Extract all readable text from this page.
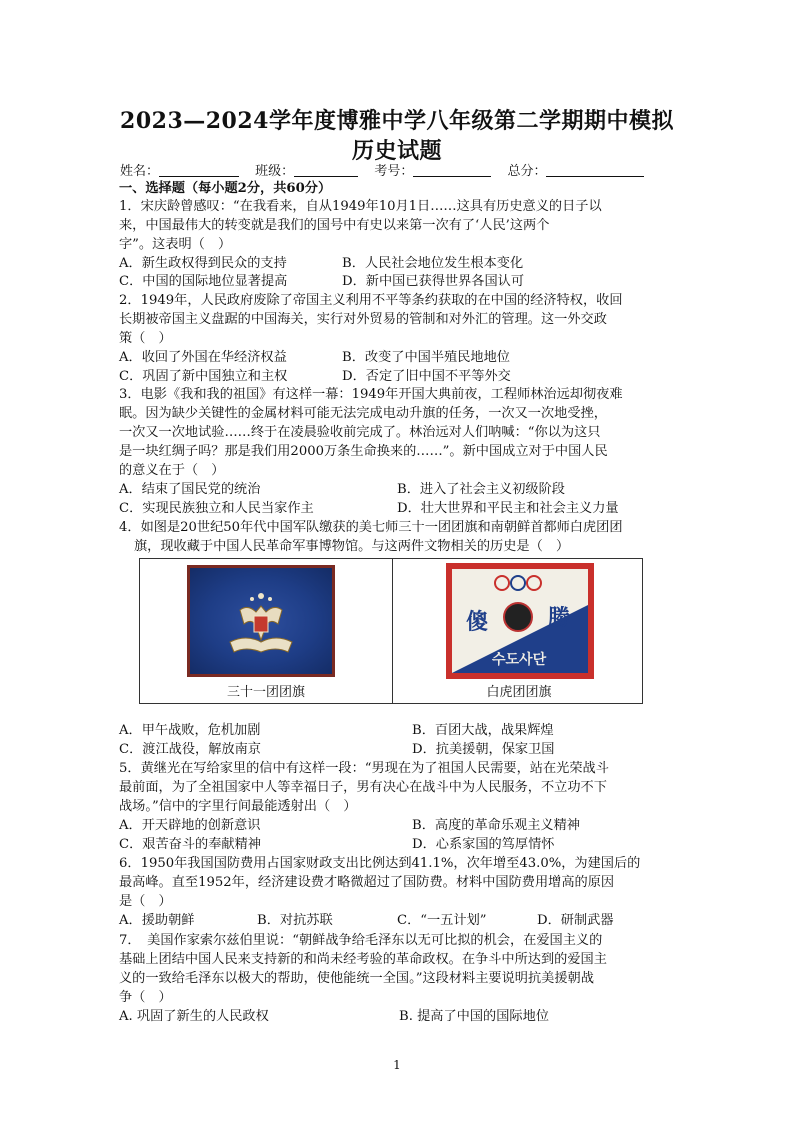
2023—2024学年度博雅中学八年级第二学期期中模拟
历史试题
姓名：	班级：	考号：	总分：
一、选择题（每小题2分，共60分）
1．宋庆龄曾感叹：“在我看来，自从1949年10月1日……这具有历史意义的日子以
来，中国最伟大的转变就是我们的国号中有史以来第一次有了‘人民’这两个
字”。这表明（　）
A．新生政权得到民众的支持	B．人民社会地位发生根本变化
C．中国的国际地位显著提高	D．新中国已获得世界各国认可
2．1949年，人民政府废除了帝国主义利用不平等条约获取的在中国的经济特权，收回
长期被帝国主义盘踞的中国海关，实行对外贸易的管制和对外汇的管理。这一外交政
策（　）
A．收回了外国在华经济权益	B．改变了中国半殖民地地位
C．巩固了新中国独立和主权	D．否定了旧中国不平等外交
3．电影《我和我的祖国》有这样一幕：1949年开国大典前夜，工程师林治远却彻夜难
眠。因为缺少关键性的金属材料可能无法完成电动升旗的任务，一次又一次地受挫，
一次又一次地试验……终于在凌晨验收前完成了。林治远对人们呐喊：“你以为这只
是一块红绸子吗？那是我们用2000万条生命换来的……”。新中国成立对于中国人民
的意义在于（　）
A．结束了国民党的统治	B．进入了社会主义初级阶段
C．实现民族独立和人民当家作主	D．壮大世界和平民主和社会主义力量
4．如图是20世纪50年代中国军队缴获的美七师三十一团团旗和南朝鲜首都师白虎团团
旗，现收藏于中国人民革命军事博物馆。与这两件文物相关的历史是（　）
三十一团团旗
傻	勝
수도사단
白虎团团旗
A．甲午战败，危机加剧	B．百团大战，战果辉煌
C．渡江战役，解放南京	D．抗美援朝，保家卫国
5．黄继光在写给家里的信中有这样一段：“男现在为了祖国人民需要，站在光荣战斗
最前面，为了全祖国家中人等幸福日子，男有决心在战斗中为人民服务，不立功不下
战场。”信中的字里行间最能透射出（　）
A．开天辟地的创新意识	B．高度的革命乐观主义精神
C．艰苦奋斗的奉献精神	D．心系家国的笃厚情怀
6．1950年我国国防费用占国家财政支出比例达到41.1%，次年增至43.0%，为建国后的
最高峰。直至1952年，经济建设费才略微超过了国防费。材料中国防费用增高的原因
是（　）
A．援助朝鲜	B．对抗苏联	C．“一五计划”	D．研制武器
7．　美国作家索尔兹伯里说：“朝鲜战争给毛泽东以无可比拟的机会，在爱国主义的
基础上团结中国人民来支持新的和尚未经考验的革命政权。在争斗中所达到的爱国主
义的一致给毛泽东以极大的帮助，使他能统一全国。”这段材料主要说明抗美援朝战
争（　）
A. 巩固了新生的人民政权	B. 提高了中国的国际地位
1
